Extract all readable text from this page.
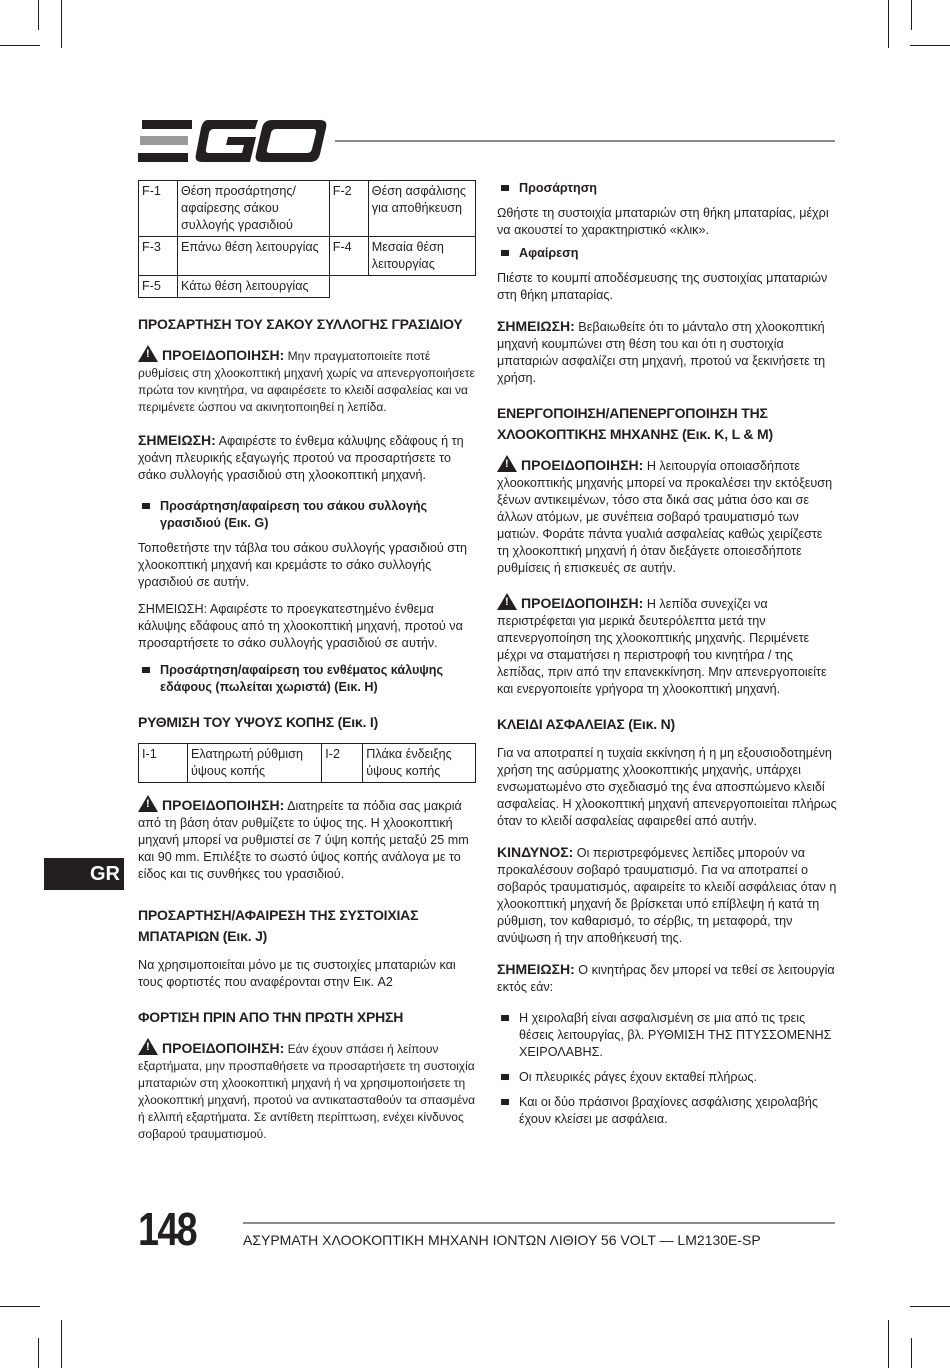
F-1	Θέση προσάρτησης/ αφαίρεσης σάκου συλλογής γρασιδιού	F-2	Θέση ασφάλισης για αποθήκευση
F-3	Επάνω θέση λειτουργίας	F-4	Μεσαία θέση λειτουργίας
F-5	Κάτω θέση λειτουργίας		
ΠΡΟΣΑΡΤΗΣΗ ΤΟΥ ΣΑΚΟΥ ΣΥΛΛΟΓΗΣ ΓΡΑΣΙΔΙΟΥ

!ΠΡΟΕΙΔΟΠΟΙΗΣΗ: Μην πραγματοποιείτε ποτέ ρυθμίσεις στη χλοοκοπτική μηχανή χωρίς να απενεργοποιήσετε πρώτα τον κινητήρα, να αφαιρέσετε το κλειδί ασφαλείας και να περιμένετε ώσπου να ακινητοποιηθεί η λεπίδα.

ΣΗΜΕΙΩΣΗ: Αφαιρέστε το ένθεμα κάλυψης εδάφους ή τη χοάνη πλευρικής εξαγωγής προτού να προσαρτήσετε το σάκο συλλογής γρασιδιού στη χλοοκοπτική μηχανή.

Προσάρτηση/αφαίρεση του σάκου συλλογής γρασιδιού (Εικ. G)

Τοποθετήστε την τάβλα του σάκου συλλογής γρασιδιού στη χλοοκοπτική μηχανή και κρεμάστε το σάκο συλλογής γρασιδιού σε αυτήν.

ΣΗΜΕΙΩΣΗ: Αφαιρέστε το προεγκατεστημένο ένθεμα κάλυψης εδάφους από τη χλοοκοπτική μηχανή, προτού να προσαρτήσετε το σάκο συλλογής γρασιδιού σε αυτήν.

Προσάρτηση/αφαίρεση του ενθέματος κάλυψης εδάφους (πωλείται χωριστά) (Εικ. H)
ΡΥΘΜΙΣΗ ΤΟΥ ΥΨΟΥΣ ΚΟΠΗΣ (Εικ. I)
I-1	Ελατηρωτή ρύθμιση ύψους κοπής	I-2	Πλάκα ένδειξης ύψους κοπής

!ΠΡΟΕΙΔΟΠΟΙΗΣΗ: Διατηρείτε τα πόδια σας μακριά από τη βάση όταν ρυθμίζετε το ύψος της. Η χλοοκοπτική μηχανή μπορεί να ρυθμιστεί σε 7 ύψη κοπής μεταξύ 25 mm και 90 mm. Επιλέξτε το σωστό ύψος κοπής ανάλογα με το είδος και τις συνθήκες του γρασιδιού.

ΠΡΟΣΑΡΤΗΣΗ/ΑΦΑΙΡΕΣΗ ΤΗΣ ΣΥΣΤΟΙΧΙΑΣ ΜΠΑΤΑΡΙΩΝ (Εικ. J)

Να χρησιμοποιείται μόνο με τις συστοιχίες μπαταριών και τους φορτιστές που αναφέρονται στην Εικ. A2

ΦΟΡΤΙΣΗ ΠΡΙΝ ΑΠΟ ΤΗΝ ΠΡΩΤΗ ΧΡΗΣΗ

!ΠΡΟΕΙΔΟΠΟΙΗΣΗ: Εάν έχουν σπάσει ή λείπουν εξαρτήματα, μην προσπαθήσετε να προσαρτήσετε τη συστοιχία μπαταριών στη χλοοκοπτική μηχανή ή να χρησιμοποιήσετε τη χλοοκοπτική μηχανή, προτού να αντικατασταθούν τα σπασμένα ή ελλιπή εξαρτήματα. Σε αντίθετη περίπτωση, ενέχει κίνδυνος σοβαρού τραυματισμού.

Προσάρτηση

Ωθήστε τη συστοιχία μπαταριών στη θήκη μπαταρίας, μέχρι να ακουστεί το χαρακτηριστικό «κλικ».

Αφαίρεση

Πιέστε το κουμπί αποδέσμευσης της συστοιχίας μπαταριών στη θήκη μπαταρίας.

ΣΗΜΕΙΩΣΗ: Βεβαιωθείτε ότι το μάνταλο στη χλοοκοπτική μηχανή κουμπώνει στη θέση του και ότι η συστοιχία μπαταριών ασφαλίζει στη μηχανή, προτού να ξεκινήσετε τη χρήση.

ΕΝΕΡΓΟΠΟΙΗΣΗ/ΑΠΕΝΕΡΓΟΠΟΙΗΣΗ ΤΗΣ ΧΛΟΟΚΟΠΤΙΚΗΣ ΜΗΧΑΝΗΣ (Εικ. K, L & M)

!ΠΡΟΕΙΔΟΠΟΙΗΣΗ: Η λειτουργία οποιασδήποτε χλοοκοπτικής μηχανής μπορεί να προκαλέσει την εκτόξευση ξένων αντικειμένων, τόσο στα δικά σας μάτια όσο και σε άλλων ατόμων, με συνέπεια σοβαρό τραυματισμό των ματιών. Φοράτε πάντα γυαλιά ασφαλείας καθώς χειρίζεστε τη χλοοκοπτική μηχανή ή όταν διεξάγετε οποιεσδήποτε ρυθμίσεις ή επισκευές σε αυτήν.

!ΠΡΟΕΙΔΟΠΟΙΗΣΗ: Η λεπίδα συνεχίζει να περιστρέφεται για μερικά δευτερόλεπτα μετά την απενεργοποίηση της χλοοκοπτικής μηχανής. Περιμένετε μέχρι να σταματήσει η περιστροφή του κινητήρα / της λεπίδας, πριν από την επανεκκίνηση. Μην απενεργοποιείτε και ενεργοποιείτε γρήγορα τη χλοοκοπτική μηχανή.

ΚΛΕΙΔΙ ΑΣΦΑΛΕΙΑΣ (Εικ. N)

Για να αποτραπεί η τυχαία εκκίνηση ή η μη εξουσιοδοτημένη χρήση της ασύρματης χλοοκοπτικής μηχανής, υπάρχει ενσωματωμένο στο σχεδιασμό της ένα αποσπώμενο κλειδί ασφαλείας. Η χλοοκοπτική μηχανή απενεργοποιείται πλήρως όταν το κλειδί ασφαλείας αφαιρεθεί από αυτήν.

ΚΙΝΔΥΝΟΣ: Οι περιστρεφόμενες λεπίδες μπορούν να προκαλέσουν σοβαρό τραυματισμό. Για να αποτραπεί ο σοβαρός τραυματισμός, αφαιρείτε το κλειδί ασφάλειας όταν η χλοοκοπτική μηχανή δε βρίσκεται υπό επίβλεψη ή κατά τη ρύθμιση, τον καθαρισμό, το σέρβις, τη μεταφορά, την ανύψωση ή την αποθήκευσή της.

ΣΗΜΕΙΩΣΗ: Ο κινητήρας δεν μπορεί να τεθεί σε λειτουργία εκτός εάν:

Η χειρολαβή είναι ασφαλισμένη σε μια από τις τρεις θέσεις λειτουργίας, βλ. ΡΥΘΜΙΣΗ ΤΗΣ ΠΤΥΣΣΟΜΕΝΗΣ ΧΕΙΡΟΛΑΒΗΣ.
Οι πλευρικές ράγες έχουν εκταθεί πλήρως.
Και οι δύο πράσινοι βραχίονες ασφάλισης χειρολαβής έχουν κλείσει με ασφάλεια.
GR
148	ΑΣΥΡΜΑΤΗ ΧΛΟΟΚΟΠΤΙΚΗ ΜΗΧΑΝΗ ΙΟΝΤΩΝ ΛΙΘΙΟΥ 56 VOLT — LM2130E-SP
